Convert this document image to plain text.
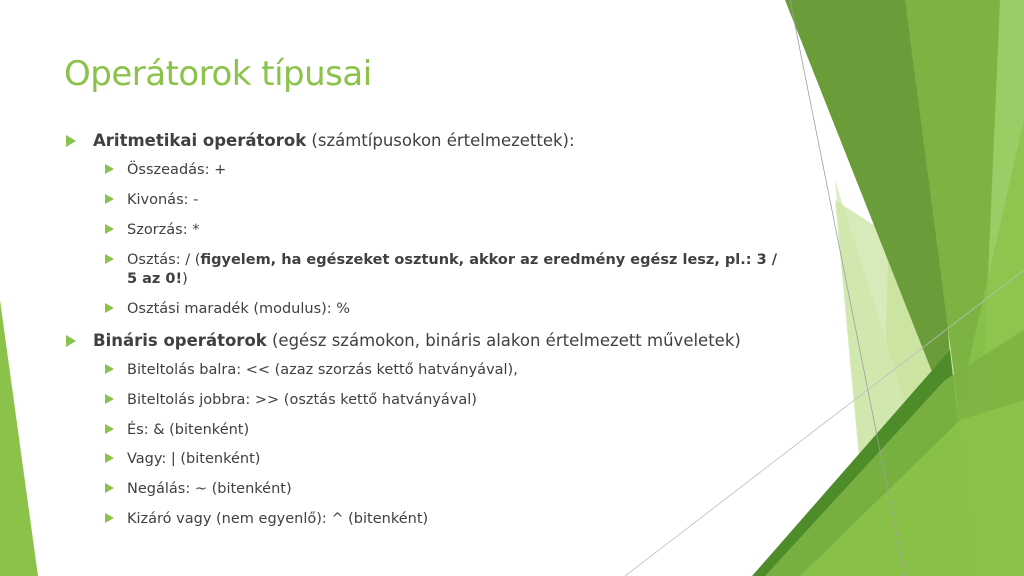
Operátorok típusai
Aritmetikai operátorok (számtípusokon értelmezettek):
Összeadás: +
Kivonás: -
Szorzás: *
Osztás: / (figyelem, ha egészeket osztunk, akkor az eredmény egész lesz, pl.: 3 / 5 az 0!)
Osztási maradék (modulus): %
Bináris operátorok (egész számokon, bináris alakon értelmezett műveletek)
Biteltolás balra: << (azaz szorzás kettő hatványával),
Biteltolás jobbra: >> (osztás kettő hatványával)
És: & (bitenként)
Vagy: | (bitenként)
Negálás: ~ (bitenként)
Kizáró vagy (nem egyenlő): ^ (bitenként)
